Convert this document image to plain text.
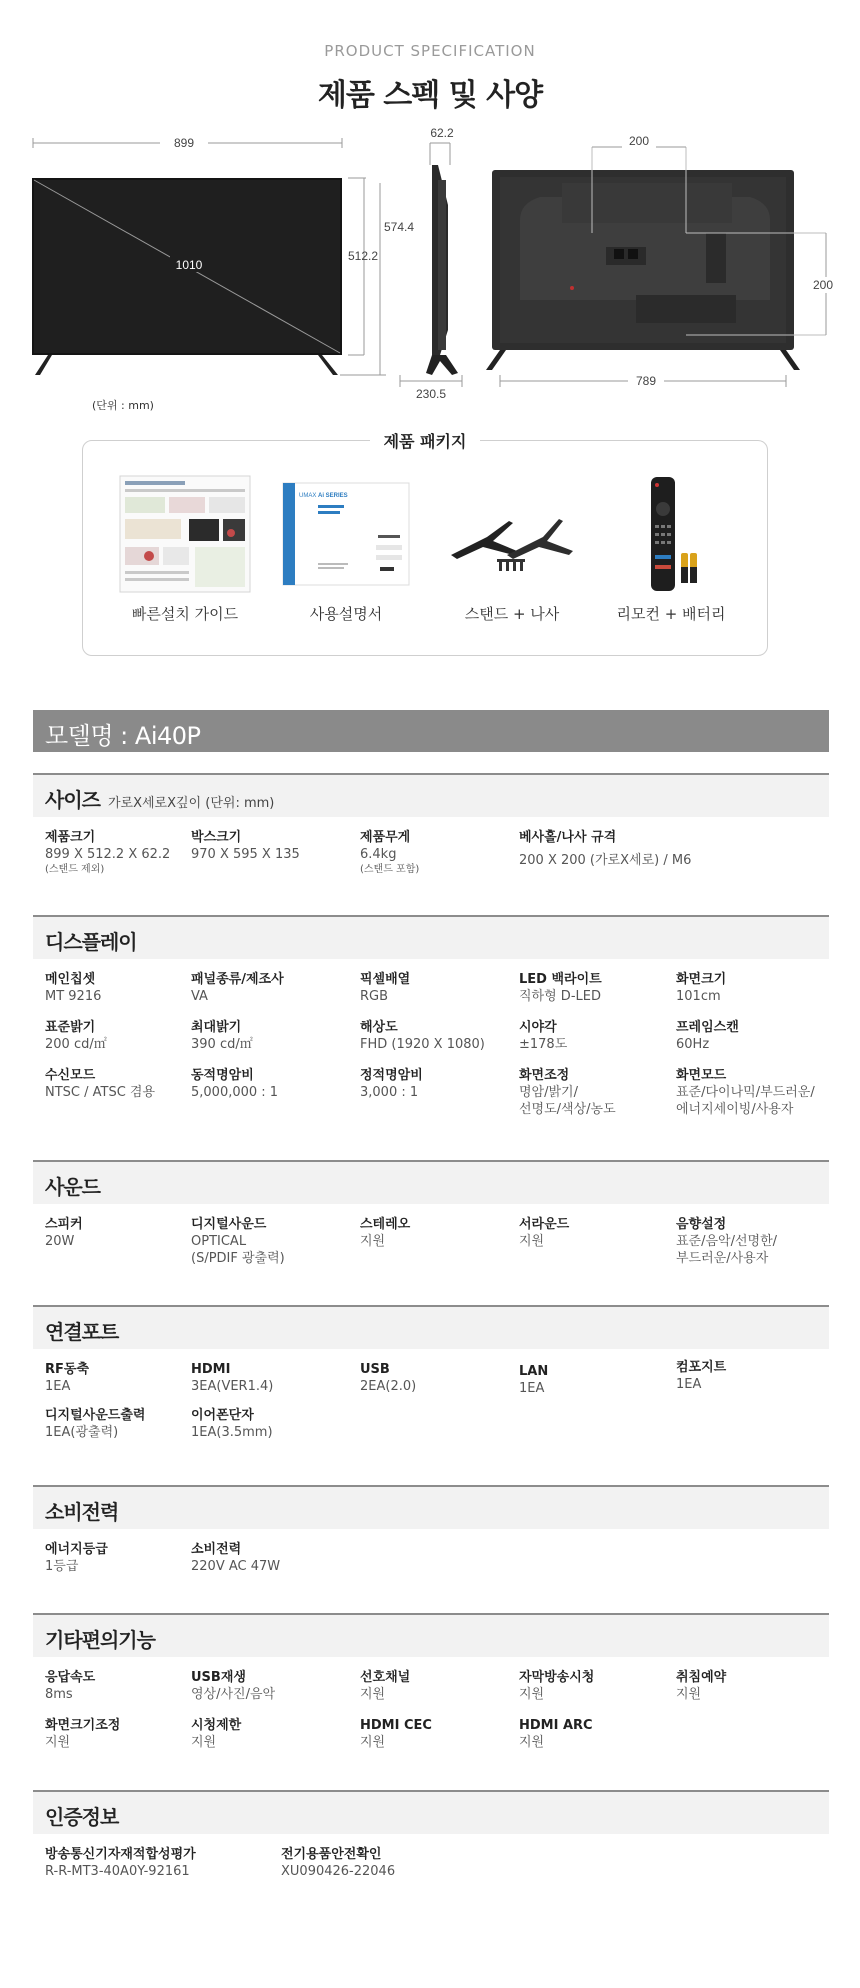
PRODUCT SPECIFICATION
제품 스펙 및 사양
899
1010
574.4
512.2
62.2
230.5
200
200
789
(단위 : mm)
제품 패키지
빠른설치 가이드
UMAX Ai SERIES
사용설명서	스탠드 + 나사	리모컨 + 배터리
모델명 : Ai40P
사이즈 가로X세로X깊이 (단위: mm)
제품크기
899 X 512.2 X 62.2
(스탠드 제외)
박스크기
970 X 595 X 135
제품무게
6.4kg
(스탠드 포함)
베사홀/나사 규격
200 X 200 (가로X세로) / M6
디스플레이
메인칩셋
MT 9216
패널종류/제조사
VA
픽셀배열
RGB
LED 백라이트
직하형 D-LED
화면크기
101cm
표준밝기
200 cd/㎡
최대밝기
390 cd/㎡
해상도
FHD (1920 X 1080)
시야각
±178도
프레임스캔
60Hz
수신모드
NTSC / ATSC 겸용
동적명암비
5,000,000 : 1
정적명암비
3,000 : 1
화면조정
명암/밝기/
선명도/색상/농도
화면모드
표준/다이나믹/부드러운/
에너지세이빙/사용자
사운드
스피커
20W
디지털사운드
OPTICAL
(S/PDIF 광출력)
스테레오
지원
서라운드
지원
음향설정
표준/음악/선명한/
부드러운/사용자
연결포트
RF동축
1EA
HDMI
3EA(VER1.4)
USB
2EA(2.0)
LAN
1EA
컴포지트
1EA
디지털사운드출력
1EA(광출력)
이어폰단자
1EA(3.5mm)
소비전력
에너지등급
1등급
소비전력
220V AC 47W
기타편의기능
응답속도
8ms
USB재생
영상/사진/음악
선호채널
지원
자막방송시청
지원
취침예약
지원
화면크기조정
지원
시청제한
지원
HDMI CEC
지원
HDMI ARC
지원
인증정보
방송통신기자재적합성평가
R-R-MT3-40A0Y-92161
전기용품안전확인
XU090426-22046
